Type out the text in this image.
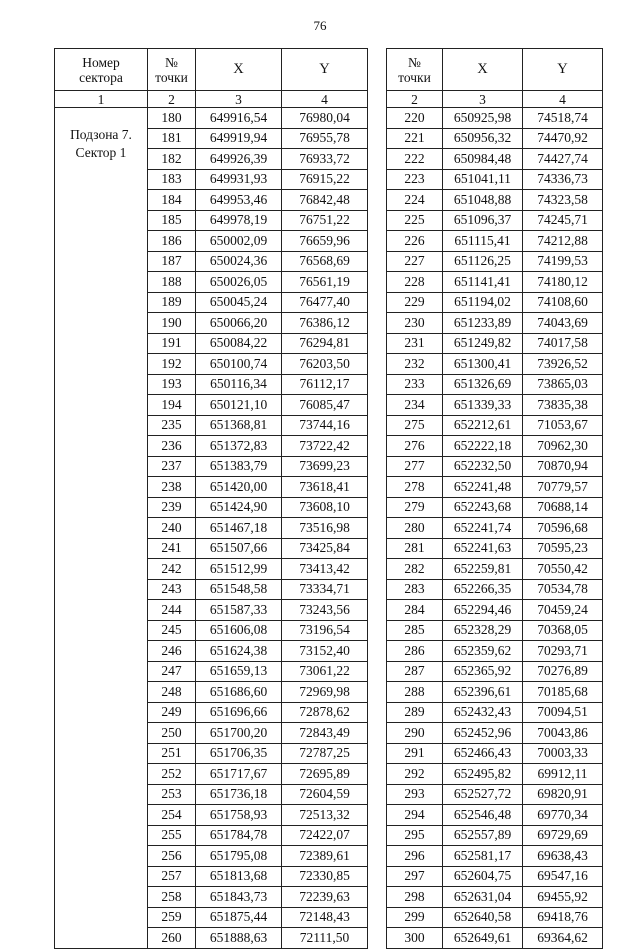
76
Номер сектора	№
точки	X	Y
1	2	3	4

Подзона 7.
Сектор 1	180	649916,54	76980,04
	181	649919,94	76955,78
	182	649926,39	76933,72
	183	649931,93	76915,22
	184	649953,46	76842,48
	185	649978,19	76751,22
	186	650002,09	76659,96
	187	650024,36	76568,69
	188	650026,05	76561,19
	189	650045,24	76477,40
	190	650066,20	76386,12
	191	650084,22	76294,81
	192	650100,74	76203,50
	193	650116,34	76112,17
	194	650121,10	76085,47
	235	651368,81	73744,16
	236	651372,83	73722,42
	237	651383,79	73699,23
	238	651420,00	73618,41
	239	651424,90	73608,10
	240	651467,18	73516,98
	241	651507,66	73425,84
	242	651512,99	73413,42
	243	651548,58	73334,71
	244	651587,33	73243,56
	245	651606,08	73196,54
	246	651624,38	73152,40
	247	651659,13	73061,22
	248	651686,60	72969,98
	249	651696,66	72878,62
	250	651700,20	72843,49
	251	651706,35	72787,25
	252	651717,67	72695,89
	253	651736,18	72604,59
	254	651758,93	72513,32
	255	651784,78	72422,07
	256	651795,08	72389,61
	257	651813,68	72330,85
	258	651843,73	72239,63
	259	651875,44	72148,43
	260	651888,63	72111,50
№
точки	X	Y
2	3	4
220	650925,98	74518,74
221	650956,32	74470,92
222	650984,48	74427,74
223	651041,11	74336,73
224	651048,88	74323,58
225	651096,37	74245,71
226	651115,41	74212,88
227	651126,25	74199,53
228	651141,41	74180,12
229	651194,02	74108,60
230	651233,89	74043,69
231	651249,82	74017,58
232	651300,41	73926,52
233	651326,69	73865,03
234	651339,33	73835,38
275	652212,61	71053,67
276	652222,18	70962,30
277	652232,50	70870,94
278	652241,48	70779,57
279	652243,68	70688,14
280	652241,74	70596,68
281	652241,63	70595,23
282	652259,81	70550,42
283	652266,35	70534,78
284	652294,46	70459,24
285	652328,29	70368,05
286	652359,62	70293,71
287	652365,92	70276,89
288	652396,61	70185,68
289	652432,43	70094,51
290	652452,96	70043,86
291	652466,43	70003,33
292	652495,82	69912,11
293	652527,72	69820,91
294	652546,48	69770,34
295	652557,89	69729,69
296	652581,17	69638,43
297	652604,75	69547,16
298	652631,04	69455,92
299	652640,58	69418,76
300	652649,61	69364,62
